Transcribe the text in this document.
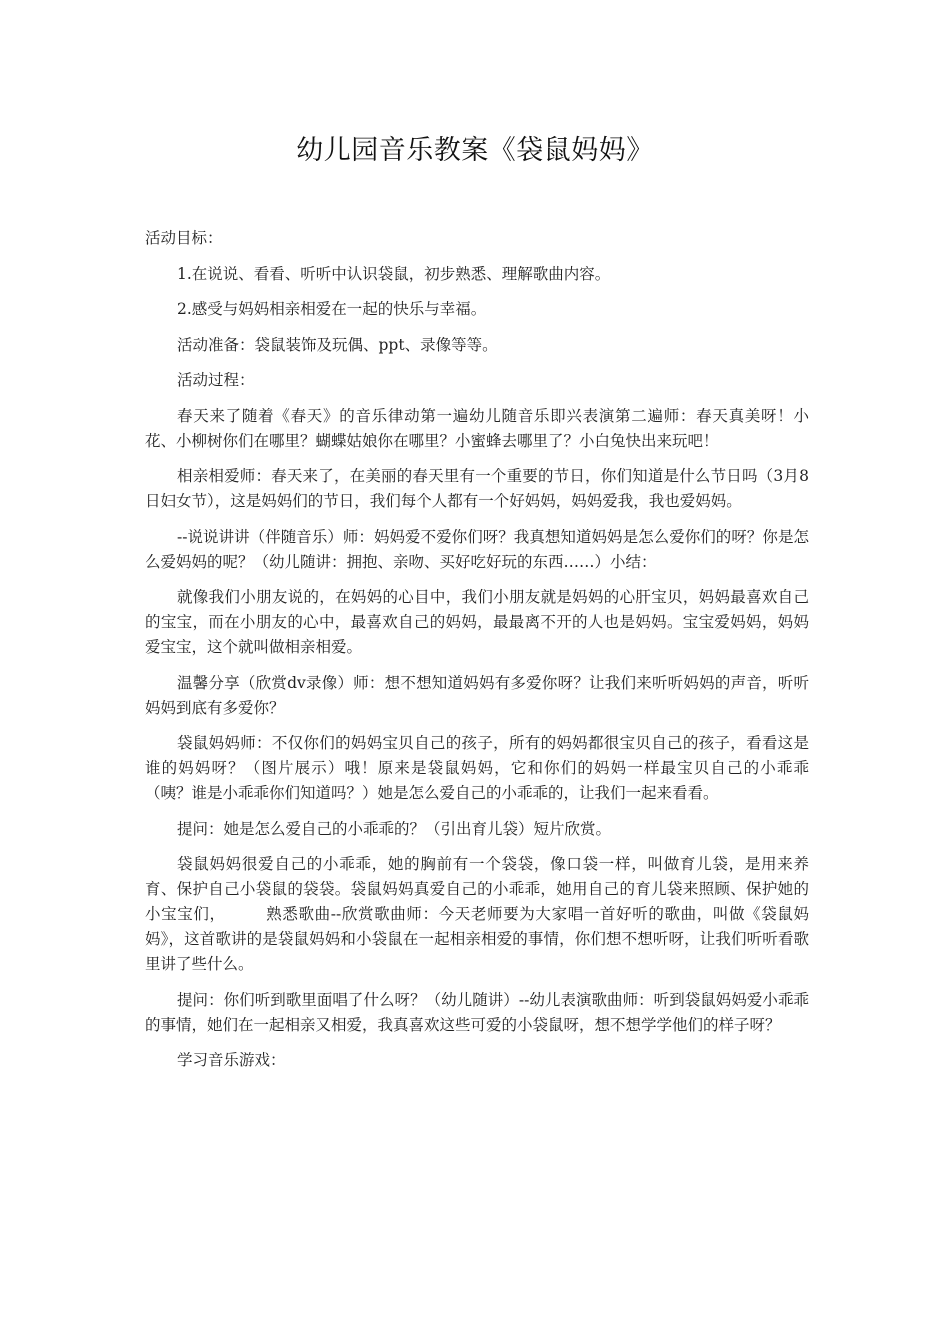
幼儿园音乐教案《袋鼠妈妈》

活动目标：

1.在说说、看看、听听中认识袋鼠，初步熟悉、理解歌曲内容。

2.感受与妈妈相亲相爱在一起的快乐与幸福。

活动准备：袋鼠装饰及玩偶、ppt、录像等等。

活动过程：

春天来了随着《春天》的音乐律动第一遍幼儿随音乐即兴表演第二遍师：春天真美呀！小花、小柳树你们在哪里？蝴蝶姑娘你在哪里？小蜜蜂去哪里了？小白兔快出来玩吧！

相亲相爱师：春天来了，在美丽的春天里有一个重要的节日，你们知道是什么节日吗（3月8日妇女节），这是妈妈们的节日，我们每个人都有一个好妈妈，妈妈爱我，我也爱妈妈。

--说说讲讲（伴随音乐）师：妈妈爱不爱你们呀？我真想知道妈妈是怎么爱你们的呀？你是怎么爱妈妈的呢？（幼儿随讲：拥抱、亲吻、买好吃好玩的东西……）小结：

就像我们小朋友说的，在妈妈的心目中，我们小朋友就是妈妈的心肝宝贝，妈妈最喜欢自己的宝宝，而在小朋友的心中，最喜欢自己的妈妈，最最离不开的人也是妈妈。宝宝爱妈妈，妈妈爱宝宝，这个就叫做相亲相爱。

温馨分享（欣赏dv录像）师：想不想知道妈妈有多爱你呀？让我们来听听妈妈的声音，听听妈妈到底有多爱你？

袋鼠妈妈师：不仅你们的妈妈宝贝自己的孩子，所有的妈妈都很宝贝自己的孩子，看看这是谁的妈妈呀？（图片展示）哦！原来是袋鼠妈妈，它和你们的妈妈一样最宝贝自己的小乖乖（咦？谁是小乖乖你们知道吗？）她是怎么爱自己的小乖乖的，让我们一起来看看。

提问：她是怎么爱自己的小乖乖的？（引出育儿袋）短片欣赏。

袋鼠妈妈很爱自己的小乖乖，她的胸前有一个袋袋，像口袋一样，叫做育儿袋，是用来养育、保护自己小袋鼠的袋袋。袋鼠妈妈真爱自己的小乖乖，她用自己的育儿袋来照顾、保护她的小宝宝们，　　　熟悉歌曲--欣赏歌曲师：今天老师要为大家唱一首好听的歌曲，叫做《袋鼠妈妈》，这首歌讲的是袋鼠妈妈和小袋鼠在一起相亲相爱的事情，你们想不想听呀，让我们听听看歌里讲了些什么。

提问：你们听到歌里面唱了什么呀？（幼儿随讲）--幼儿表演歌曲师：听到袋鼠妈妈爱小乖乖的事情，她们在一起相亲又相爱，我真喜欢这些可爱的小袋鼠呀，想不想学学他们的样子呀？

学习音乐游戏：
